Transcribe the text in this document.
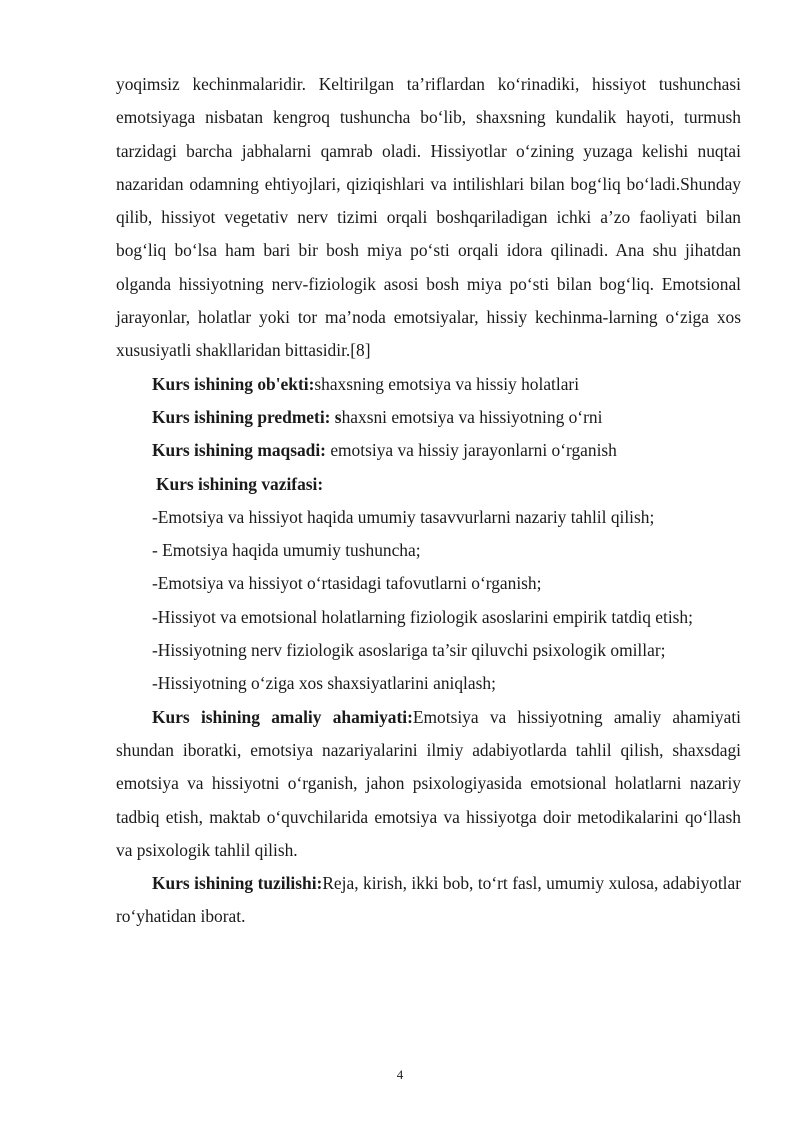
yoqimsiz kechinmalaridir. Keltirilgan ta’riflardan ko‘rinadiki, hissiyot tushunchasi emotsiyaga nisbatan kengroq tushuncha bo‘lib, shaxsning kundalik hayoti, turmush tarzidagi barcha jabhalarni qamrab oladi. Hissiyotlar o‘zining yuzaga kelishi nuqtai nazaridan odamning ehtiyojlari, qiziqishlari va intilishlari bilan bog‘liq bo‘ladi.Shunday qilib, hissiyot vegetativ nerv tizimi orqali boshqariladigan ichki a’zo faoliyati bilan bog‘liq bo‘lsa ham bari bir bosh miya po‘sti orqali idora qilinadi. Ana shu jihatdan olganda hissiyotning nerv-fiziologik asosi bosh miya po‘sti bilan bog‘liq. Emotsional jarayonlar, holatlar yoki tor ma’noda emotsiyalar, hissiy kechinma-larning o‘ziga xos xususiyatli shakllaridan bittasidir.[8]

Kurs ishining ob'ekti:shaxsning emotsiya va hissiy holatlari

Kurs ishining predmeti: shaxsni emotsiya va hissiyotning o‘rni

Kurs ishining maqsadi: emotsiya va hissiy jarayonlarni o‘rganish

Kurs ishining vazifasi:

-Emotsiya va hissiyot haqida umumiy tasavvurlarni nazariy tahlil qilish;

- Emotsiya haqida umumiy tushuncha;

-Emotsiya va hissiyot o‘rtasidagi tafovutlarni o‘rganish;

-Hissiyot va emotsional holatlarning fiziologik asoslarini empirik tatdiq etish;

-Hissiyotning nerv fiziologik asoslariga ta’sir qiluvchi psixologik omillar;

-Hissiyotning o‘ziga xos shaxsiyatlarini aniqlash;

Kurs ishining amaliy ahamiyati:Emotsiya va hissiyotning amaliy ahamiyati shundan iboratki, emotsiya nazariyalarini ilmiy adabiyotlarda tahlil qilish, shaxsdagi emotsiya va hissiyotni o‘rganish, jahon psixologiyasida emotsional holatlarni nazariy tadbiq etish, maktab o‘quvchilarida emotsiya va hissiyotga doir metodikalarini qo‘llash va psixologik tahlil qilish.

Kurs ishining tuzilishi:Reja, kirish, ikki bob, to‘rt fasl, umumiy xulosa, adabiyotlar ro‘yhatidan iborat.

4
